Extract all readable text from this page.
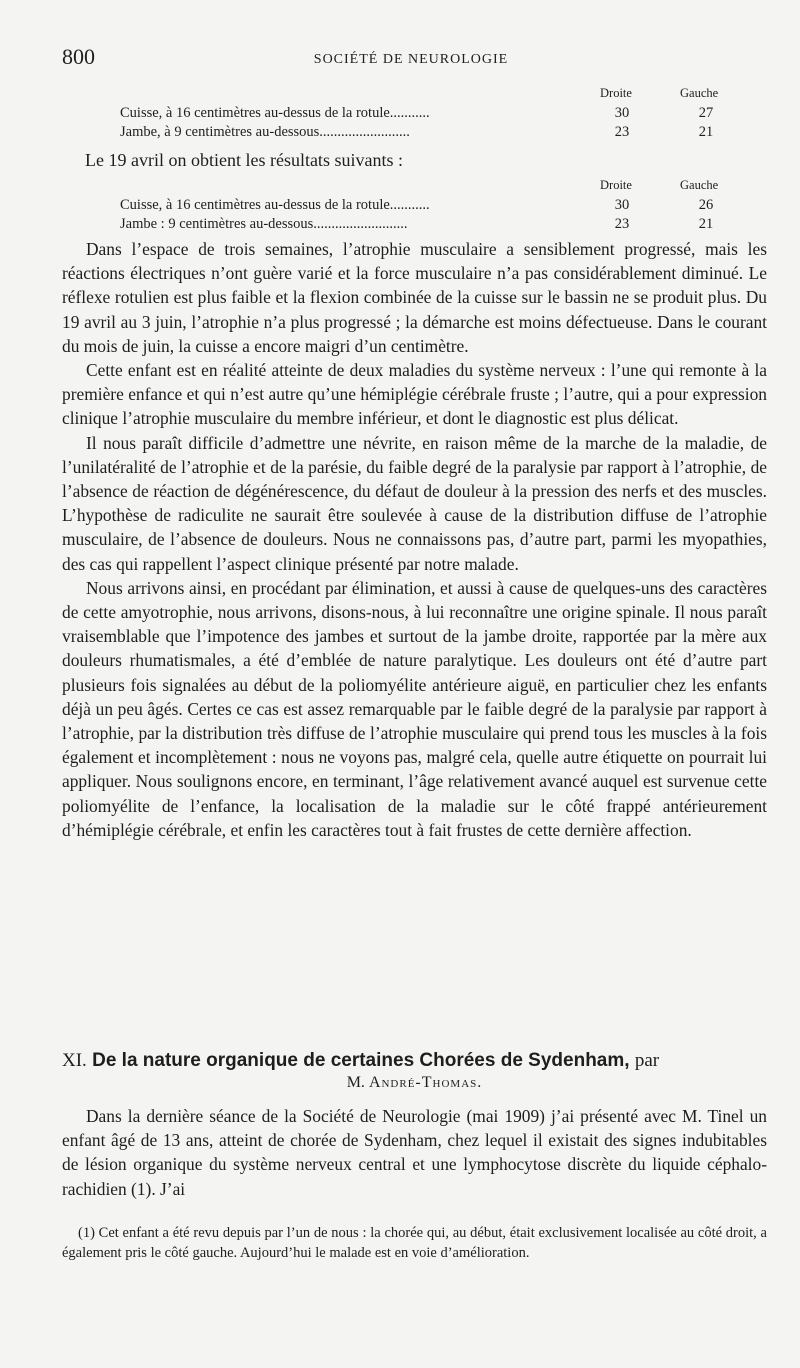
800	SOCIÉTÉ DE NEUROLOGIE
Droite	Gauche
Cuisse, à 16 centimètres au-dessus de la rotule...........	30	27
Jambe, à 9 centimètres au-dessous.........................	23	21
Le 19 avril on obtient les résultats suivants :
Droite	Gauche
Cuisse, à 16 centimètres au-dessus de la rotule...........	30	26
Jambe : 9 centimètres au-dessous..........................	23	21

Dans l’espace de trois semaines, l’atrophie musculaire a sensiblement progressé, mais les réactions électriques n’ont guère varié et la force musculaire n’a pas considérablement diminué. Le réflexe rotulien est plus faible et la flexion combinée de la cuisse sur le bassin ne se produit plus. Du 19 avril au 3 juin, l’atrophie n’a plus progressé ; la démarche est moins défectueuse. Dans le courant du mois de juin, la cuisse a encore maigri d’un centimètre.

Cette enfant est en réalité atteinte de deux maladies du système nerveux : l’une qui remonte à la première enfance et qui n’est autre qu’une hémiplégie cérébrale fruste ; l’autre, qui a pour expression clinique l’atrophie musculaire du membre inférieur, et dont le diagnostic est plus délicat.

Il nous paraît difficile d’admettre une névrite, en raison même de la marche de la maladie, de l’unilatéralité de l’atrophie et de la parésie, du faible degré de la paralysie par rapport à l’atrophie, de l’absence de réaction de dégénérescence, du défaut de douleur à la pression des nerfs et des muscles. L’hypothèse de radiculite ne saurait être soulevée à cause de la distribution diffuse de l’atrophie musculaire, de l’absence de douleurs. Nous ne connaissons pas, d’autre part, parmi les myopathies, des cas qui rappellent l’aspect clinique présenté par notre malade.

Nous arrivons ainsi, en procédant par élimination, et aussi à cause de quelques-uns des caractères de cette amyotrophie, nous arrivons, disons-nous, à lui reconnaître une origine spinale. Il nous paraît vraisemblable que l’impotence des jambes et surtout de la jambe droite, rapportée par la mère aux douleurs rhumatismales, a été d’emblée de nature paralytique. Les douleurs ont été d’autre part plusieurs fois signalées au début de la poliomyélite antérieure aiguë, en particulier chez les enfants déjà un peu âgés. Certes ce cas est assez remarquable par le faible degré de la paralysie par rapport à l’atrophie, par la distribution très diffuse de l’atrophie musculaire qui prend tous les muscles à la fois également et incomplètement : nous ne voyons pas, malgré cela, quelle autre étiquette on pourrait lui appliquer. Nous soulignons encore, en terminant, l’âge relativement avancé auquel est survenue cette poliomyélite de l’enfance, la localisation de la maladie sur le côté frappé antérieurement d’hémiplégie cérébrale, et enfin les caractères tout à fait frustes de cette dernière affection.

XI. De la nature organique de certaines Chorées de Sydenham, par
M. André-Thomas.

Dans la dernière séance de la Société de Neurologie (mai 1909) j’ai présenté avec M. Tinel un enfant âgé de 13 ans, atteint de chorée de Sydenham, chez lequel il existait des signes indubitables de lésion organique du système nerveux central et une lymphocytose discrète du liquide céphalo-rachidien (1). J’ai

(1) Cet enfant a été revu depuis par l’un de nous : la chorée qui, au début, était exclusivement localisée au côté droit, a également pris le côté gauche. Aujourd’hui le malade est en voie d’amélioration.
